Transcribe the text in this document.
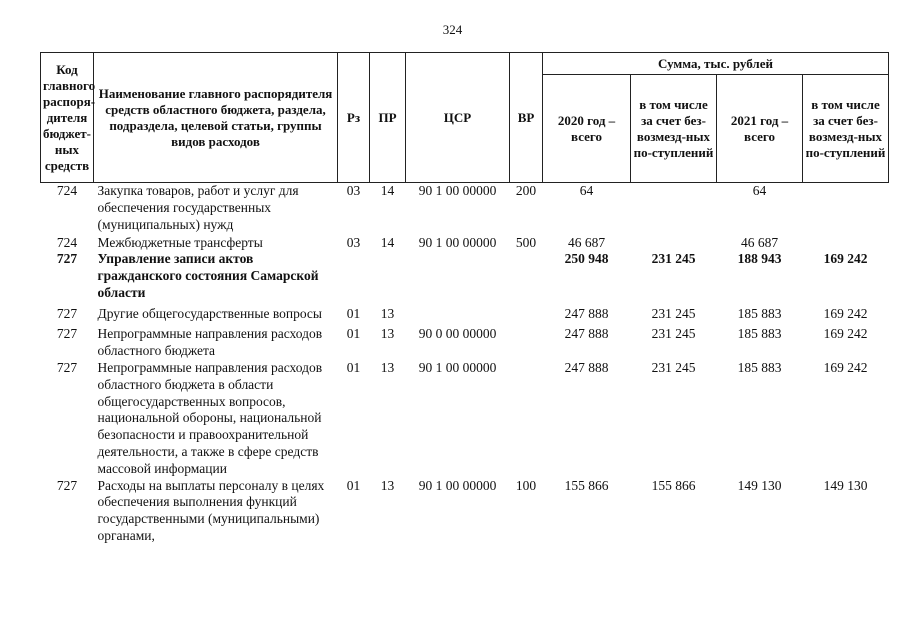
324
Код главного распоря-дителя бюджет-ных средств	Наименование главного распорядителя средств областного бюджета, раздела, подраздела, целевой статьи, группы видов расходов	Рз	ПР	ЦСР	ВР	Сумма, тыс. рублей			
						2020 год – всего	в том числе за счет без-возмезд-ных по-ступлений	2021 год – всего	в том числе за счет без-возмезд-ных по-ступлений
724	Закупка товаров, работ и услуг для обеспечения государственных (муниципальных) нужд	03	14	90 1 00 00000	200	64		64	
724	Межбюджетные трансферты	03	14	90 1 00 00000	500	46 687		46 687	
727	Управление записи актов гражданского состояния Самарской области					250 948	231 245	188 943	169 242
727	Другие общегосударственные вопросы	01	13			247 888	231 245	185 883	169 242
727	Непрограммные направления расходов областного бюджета	01	13	90 0 00 00000		247 888	231 245	185 883	169 242
727	Непрограммные направления расходов областного бюджета в области общегосударственных вопросов, национальной обороны, национальной безопасности и правоохранительной деятельности, а также в сфере средств массовой информации	01	13	90 1 00 00000		247 888	231 245	185 883	169 242
727	Расходы на выплаты персоналу в целях обеспечения выполнения функций государственными (муниципальными) органами,	01	13	90 1 00 00000	100	155 866	155 866	149 130	149 130
